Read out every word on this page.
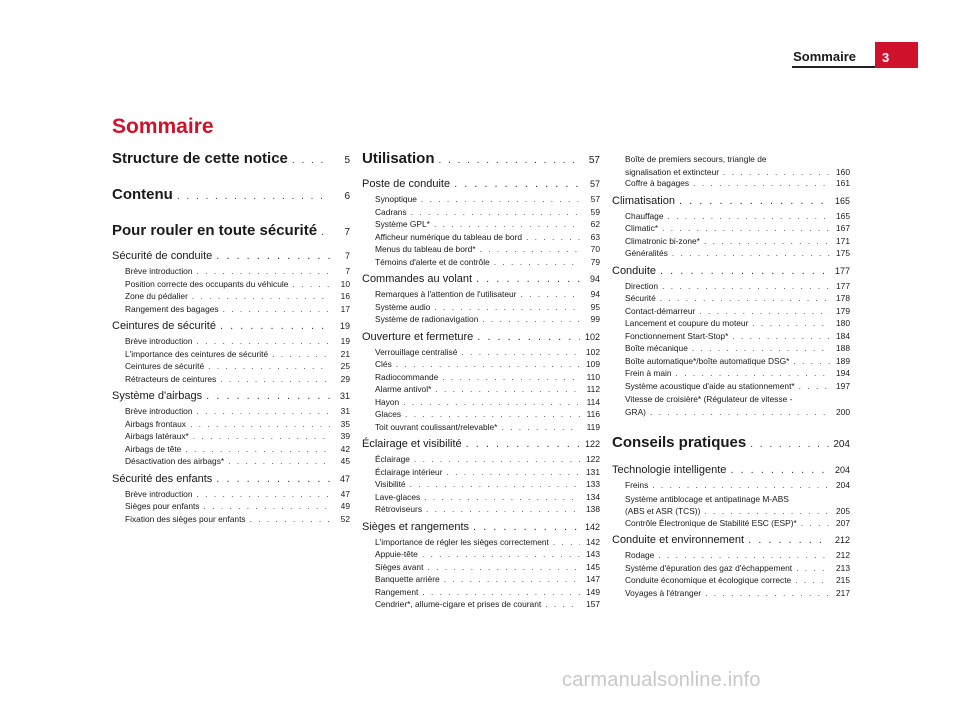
Sommaire	3
Sommaire
Structure de cette notice . . .	5
Contenu . . .	6
Pour rouler en toute sécurité . . .	7
Sécurité de conduite . . .	7
Brève introduction . . .	7
Position correcte des occupants du véhicule . . .	10
Zone du pédalier . . .	16
Rangement des bagages . . .	17
Ceintures de sécurité . . .	19
Brève introduction . . .	19
L'importance des ceintures de sécurité . . .	21
Ceintures de sécurité . . .	25
Rétracteurs de ceintures . . .	29
Système d'airbags . . .	31
Brève introduction . . .	31
Airbags frontaux . . .	35
Airbags latéraux* . . .	39
Airbags de tête . . .	42
Désactivation des airbags* . . .	45
Sécurité des enfants . . .	47
Brève introduction . . .	47
Sièges pour enfants . . .	49
Fixation des sièges pour enfants . . .	52
Utilisation . . .	57
Poste de conduite . . .	57
Synoptique . . .	57
Cadrans . . .	59
Système GPL* . . .	62
Afficheur numérique du tableau de bord . . .	63
Menus du tableau de bord* . . .	70
Témoins d'alerte et de contrôle . . .	79
Commandes au volant . . .	94
Remarques à l'attention de l'utilisateur . . .	94
Système audio . . .	95
Système de radionavigation . . .	99
Ouverture et fermeture . . .	102
Verrouillage centralisé . . .	102
Clés . . .	109
Radiocommande . . .	110
Alarme antivol* . . .	112
Hayon . . .	114
Glaces . . .	116
Toit ouvrant coulissant/relevable* . . .	119
Éclairage et visibilité . . .	122
Éclairage . . .	122
Éclairage intérieur . . .	131
Visibilité . . .	133
Lave-glaces . . .	134
Rétroviseurs . . .	138
Sièges et rangements . . .	142
L'importance de régler les sièges correctement . . .	142
Appuie-tête . . .	143
Sièges avant . . .	145
Banquette arrière . . .	147
Rangement . . .	149
Cendrier*, allume-cigare et prises de courant . . .	157
Boîte de premiers secours, triangle de
signalisation et extincteur . . .	160
Coffre à bagages . . .	161
Climatisation . . .	165
Chauffage . . .	165
Climatic* . . .	167
Climatronic bi-zone* . . .	171
Généralités . . .	175
Conduite . . .	177
Direction . . .	177
Sécurité . . .	178
Contact-démarreur . . .	179
Lancement et coupure du moteur . . .	180
Fonctionnement Start-Stop* . . .	184
Boîte mécanique . . .	188
Boîte automatique*/boîte automatique DSG* . . .	189
Frein à main . . .	194
Système acoustique d'aide au stationnement* . . .	197
Vitesse de croisière* (Régulateur de vitesse -
GRA) . . .	200
Conseils pratiques . . .	204
Technologie intelligente . . .	204
Freins . . .	204
Système antiblocage et antipatinage M-ABS
(ABS et ASR (TCS)) . . .	205
Contrôle Électronique de Stabilité ESC (ESP)* . . .	207
Conduite et environnement . . .	212
Rodage . . .	212
Système d'épuration des gaz d'échappement . . .	213
Conduite économique et écologique correcte . . .	215
Voyages à l'étranger . . .	217
carmanualsonline.info
